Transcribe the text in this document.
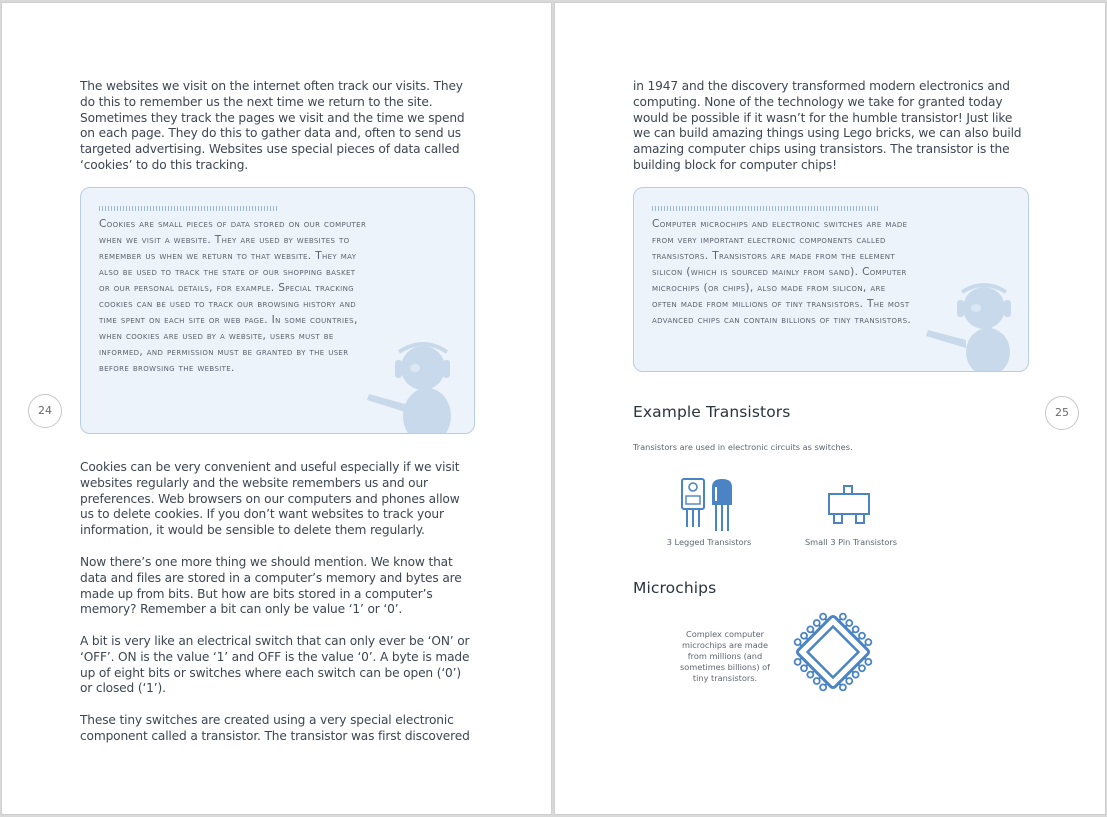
The websites we visit on the internet often track our visits. They do this to remember us the next time we return to the site. Sometimes they track the pages we visit and the time we spend on each page. They do this to gather data and, often to send us targeted advertising. Websites use special pieces of data called ‘cookies’ to do this tracking.

Cookies are small pieces of data stored on our computer when we visit a website. They are used by websites to remember us when we return to that website. They may also be used to track the state of our shopping basket or our personal details, for example. Special tracking cookies can be used to track our browsing history and time spent on each site or web page. In some countries, when cookies are used by a website, users must be informed, and permission must be granted by the user before browsing the website.

24

Cookies can be very convenient and useful especially if we visit websites regularly and the website remembers us and our preferences. Web browsers on our computers and phones allow us to delete cookies. If you don’t want websites to track your information, it would be sensible to delete them regularly.

Now there’s one more thing we should mention. We know that data and files are stored in a computer’s memory and bytes are made up from bits. But how are bits stored in a computer’s memory? Remember a bit can only be value ‘1’ or ‘0’.

A bit is very like an electrical switch that can only ever be ‘ON’ or ‘OFF’. ON is the value ‘1’ and OFF is the value ‘0’. A byte is made up of eight bits or switches where each switch can be open (‘0’) or closed (‘1’).

These tiny switches are created using a very special electronic component called a transistor. The transistor was first discovered

in 1947 and the discovery transformed modern electronics and computing. None of the technology we take for granted today would be possible if it wasn’t for the humble transistor! Just like we can build amazing things using Lego bricks, we can also build amazing computer chips using transistors. The transistor is the building block for computer chips!

Computer microchips and electronic switches are made from very important electronic components called transistors. Transistors are made from the element silicon (which is sourced mainly from sand). Computer microchips (or chips), also made from silicon, are often made from millions of tiny transistors. The most advanced chips can contain billions of tiny transistors.

Example Transistors

Transistors are used in electronic circuits as switches.

3 Legged Transistors	Small 3 Pin Transistors

Microchips

Complex computer microchips are made from millions (and sometimes billions) of tiny transistors.

25
